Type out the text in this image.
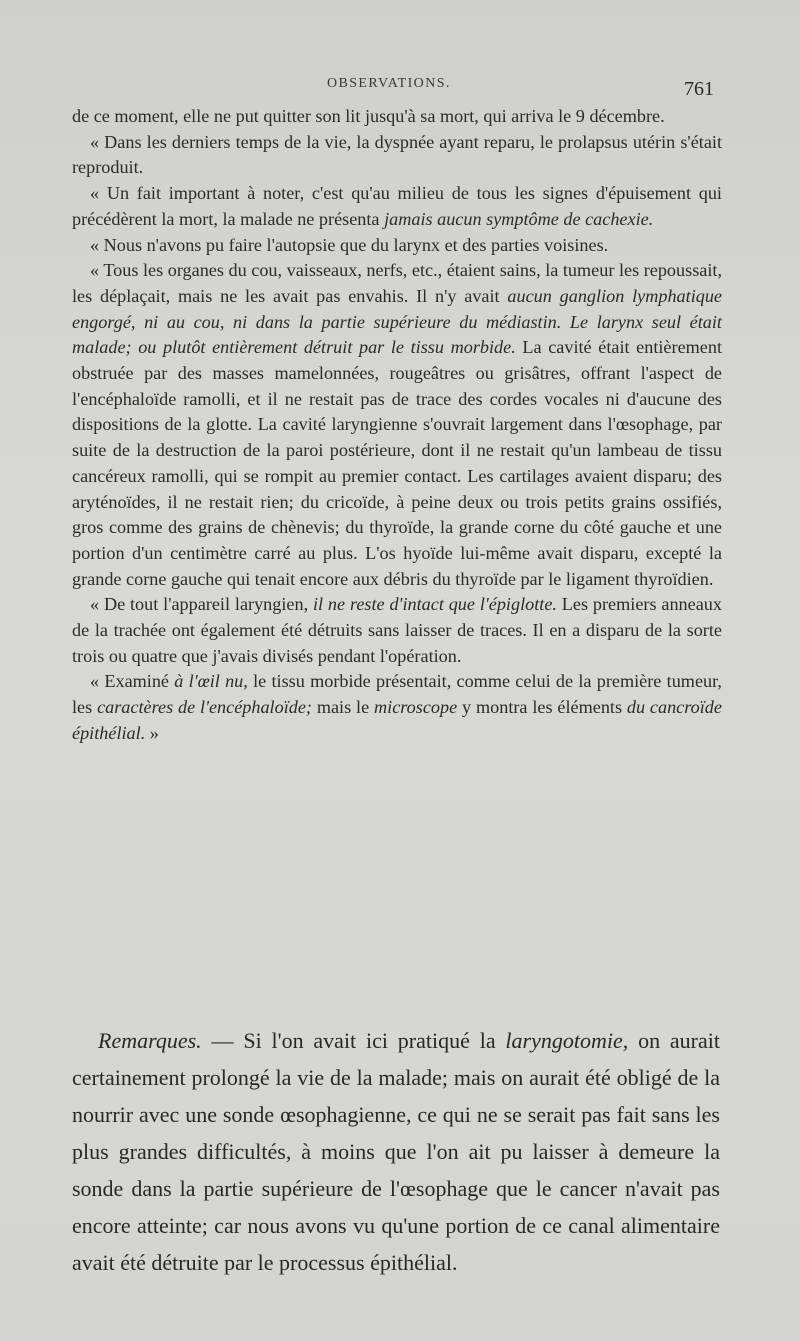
OBSERVATIONS.	761

de ce moment, elle ne put quitter son lit jusqu'à sa mort, qui arriva le 9 décembre.

« Dans les derniers temps de la vie, la dyspnée ayant reparu, le prolapsus utérin s'était reproduit.

« Un fait important à noter, c'est qu'au milieu de tous les signes d'épuisement qui précédèrent la mort, la malade ne présenta jamais aucun symptôme de cachexie.

« Nous n'avons pu faire l'autopsie que du larynx et des parties voisines.

« Tous les organes du cou, vaisseaux, nerfs, etc., étaient sains, la tumeur les repoussait, les déplaçait, mais ne les avait pas envahis. Il n'y avait aucun ganglion lymphatique engorgé, ni au cou, ni dans la partie supérieure du médiastin. Le larynx seul était malade; ou plutôt entièrement détruit par le tissu morbide. La cavité était entièrement obstruée par des masses mamelonnées, rougeâtres ou grisâtres, offrant l'aspect de l'encéphaloïde ramolli, et il ne restait pas de trace des cordes vocales ni d'aucune des dispositions de la glotte. La cavité laryngienne s'ouvrait largement dans l'œsophage, par suite de la destruction de la paroi postérieure, dont il ne restait qu'un lambeau de tissu cancéreux ramolli, qui se rompit au premier contact. Les cartilages avaient disparu; des aryténoïdes, il ne restait rien; du cricoïde, à peine deux ou trois petits grains ossifiés, gros comme des grains de chènevis; du thyroïde, la grande corne du côté gauche et une portion d'un centimètre carré au plus. L'os hyoïde lui-même avait disparu, excepté la grande corne gauche qui tenait encore aux débris du thyroïde par le ligament thyroïdien.

« De tout l'appareil laryngien, il ne reste d'intact que l'épiglotte. Les premiers anneaux de la trachée ont également été détruits sans laisser de traces. Il en a disparu de la sorte trois ou quatre que j'avais divisés pendant l'opération.

« Examiné à l'œil nu, le tissu morbide présentait, comme celui de la première tumeur, les caractères de l'encéphaloïde; mais le microscope y montra les éléments du cancroïde épithélial. »

Remarques. — Si l'on avait ici pratiqué la laryngotomie, on aurait certainement prolongé la vie de la malade; mais on aurait été obligé de la nourrir avec une sonde œsophagienne, ce qui ne se serait pas fait sans les plus grandes difficultés, à moins que l'on ait pu laisser à demeure la sonde dans la partie supérieure de l'œsophage que le cancer n'avait pas encore atteinte; car nous avons vu qu'une portion de ce canal alimentaire avait été détruite par le processus épithélial.
